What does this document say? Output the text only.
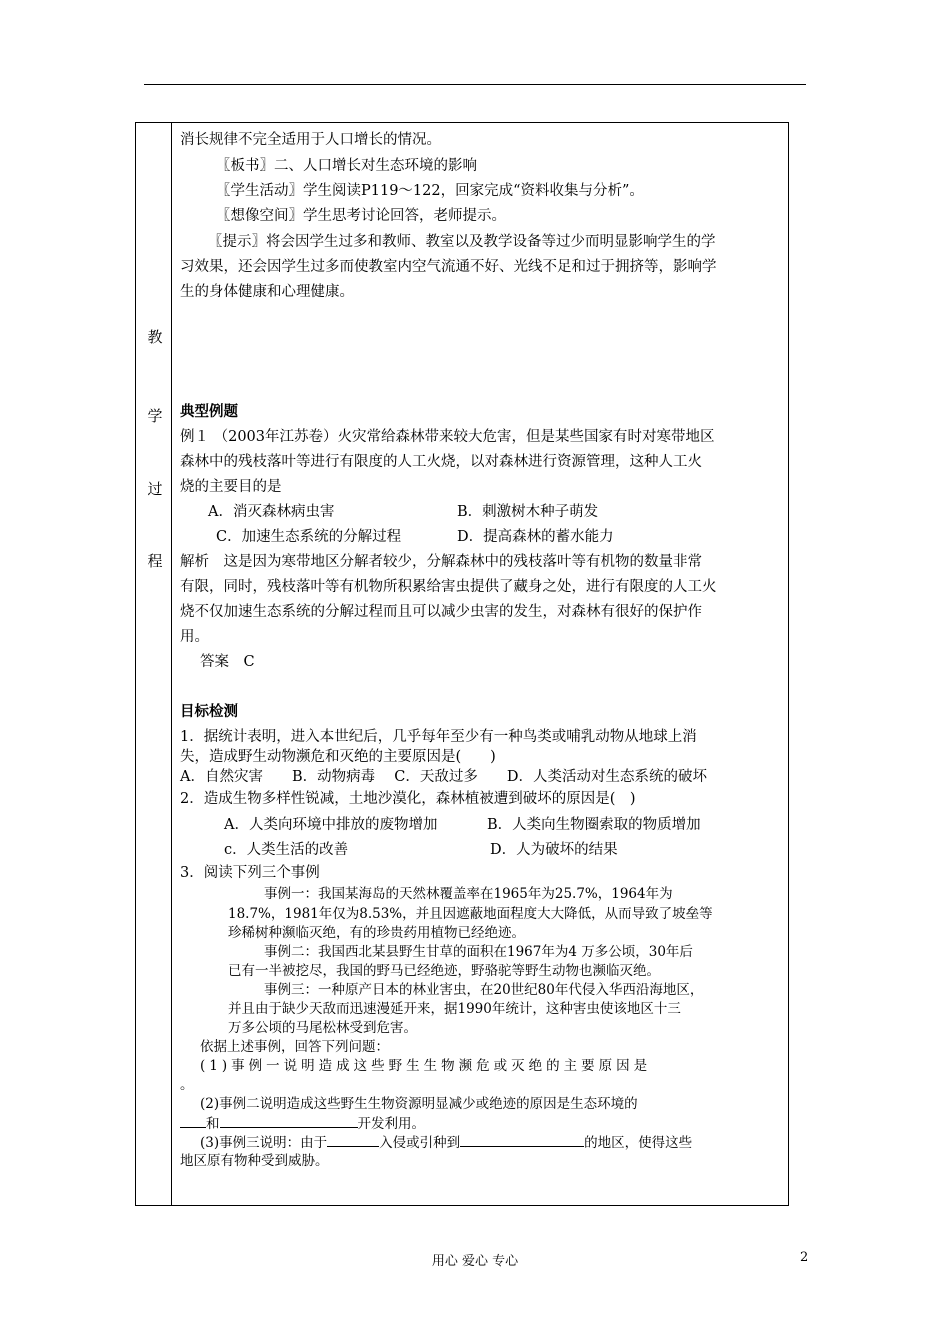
教
学
过
程
消长规律不完全适用于人口增长的情况。
〖板书〗二、人口增长对生态环境的影响
〖学生活动〗学生阅读P119～122，回家完成“资料收集与分析”。
〖想像空间〗学生思考讨论回答，老师提示。
〖提示〗将会因学生过多和教师、教室以及教学设备等过少而明显影响学生的学
习效果，还会因学生过多而使教室内空气流通不好、光线不足和过于拥挤等，影响学
生的身体健康和心理健康。
典型例题
例１ （2003年江苏卷）火灾常给森林带来较大危害，但是某些国家有时对寒带地区
森林中的残枝落叶等进行有限度的人工火烧，以对森林进行资源管理，这种人工火
烧的主要目的是
A．消灭森林病虫害	B．刺激树木种子萌发
C．加速生态系统的分解过程	D．提高森林的蓄水能力
解析　这是因为寒带地区分解者较少，分解森林中的残枝落叶等有机物的数量非常
有限，同时，残枝落叶等有机物所积累给害虫提供了藏身之处，进行有限度的人工火
烧不仅加速生态系统的分解过程而且可以减少虫害的发生，对森林有很好的保护作
用。
答案　C
目标检测
1．据统计表明，进入本世纪后，几乎每年至少有一种鸟类或哺乳动物从地球上消
失，造成野生动物濒危和灭绝的主要原因是(　　)
A．自然灾害　　B．动物病毒　 C．天敌过多　　D．人类活动对生态系统的破坏
2．造成生物多样性锐减，土地沙漠化，森林植被遭到破坏的原因是(　)
A．人类向环境中排放的废物增加	B．人类向生物圈索取的物质增加
c．人类生活的改善	D．人为破坏的结果
3．阅读下列三个事例
事例一：我国某海岛的天然林覆盖率在1965年为25.7%，1964年为
18.7%，1981年仅为8.53%，并且因遮蔽地面程度大大降低，从而导致了坡垒等
珍稀树种濒临灭绝，有的珍贵药用植物已经绝迹。
事例二：我国西北某县野生甘草的面积在1967年为4 万多公顷，30年后
已有一半被挖尽，我国的野马已经绝迹，野骆驼等野生动物也濒临灭绝。
事例三：一种原产日本的林业害虫，在20世纪80年代侵入华西沿海地区，
并且由于缺少天敌而迅速漫延开来，据1990年统计，这种害虫使该地区十三
万多公顷的马尾松林受到危害。
依据上述事例，回答下列问题：
(1)事例一说明造成这些野生生物濒危或灭绝的主要原因是
。
(2)事例二说明造成这些野生生物资源明显减少或绝迹的原因是生态环境的
和	开发利用。
(3)事例三说明：由于	入侵或引种到	的地区，使得这些
地区原有物种受到威胁。
用心 爱心 专心	2
